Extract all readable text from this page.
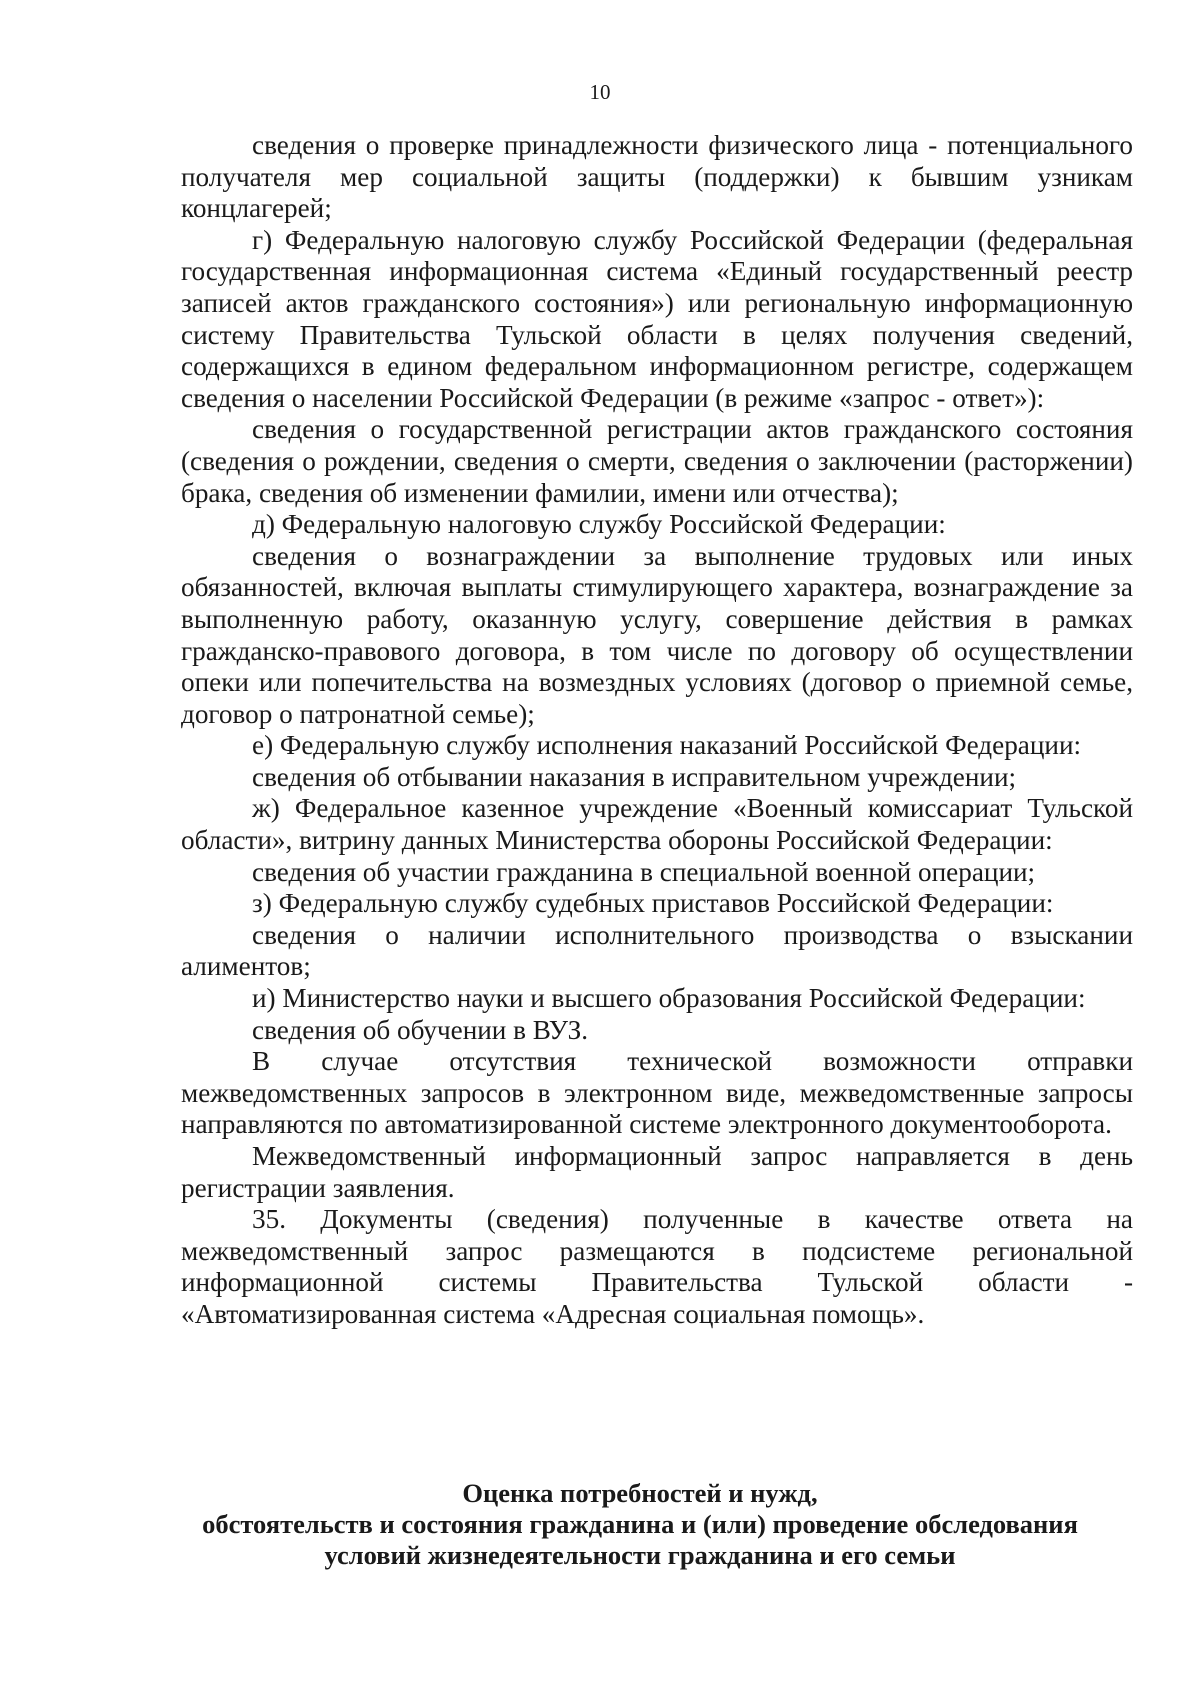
10

сведения о проверке принадлежности физического лица - потенциального получателя мер социальной защиты (поддержки) к бывшим узникам концлагерей;

г) Федеральную налоговую службу Российской Федерации (федеральная государственная информационная система «Единый государственный реестр записей актов гражданского состояния») или региональную информационную систему Правительства Тульской области в целях получения сведений, содержащихся в едином федеральном информационном регистре, содержащем сведения о населении Российской Федерации (в режиме «запрос - ответ»):

сведения о государственной регистрации актов гражданского состояния (сведения о рождении, сведения о смерти, сведения о заключении (расторжении) брака, сведения об изменении фамилии, имени или отчества);

д) Федеральную налоговую службу Российской Федерации:

сведения о вознаграждении за выполнение трудовых или иных обязанностей, включая выплаты стимулирующего характера, вознаграждение за выполненную работу, оказанную услугу, совершение действия в рамках гражданско-правового договора, в том числе по договору об осуществлении опеки или попечительства на возмездных условиях (договор о приемной семье, договор о патронатной семье);

е) Федеральную службу исполнения наказаний Российской Федерации:

сведения об отбывании наказания в исправительном учреждении;

ж) Федеральное казенное учреждение «Военный комиссариат Тульской области», витрину данных Министерства обороны Российской Федерации:

сведения об участии гражданина в специальной военной операции;

з) Федеральную службу судебных приставов Российской Федерации:

сведения о наличии исполнительного производства о взыскании алиментов;

и) Министерство науки и высшего образования Российской Федерации:

сведения об обучении в ВУЗ.

В случае отсутствия технической возможности отправки межведомственных запросов в электронном виде, межведомственные запросы направляются по автоматизированной системе электронного документооборота.

Межведомственный информационный запрос направляется в день регистрации заявления.

35. Документы (сведения) полученные в качестве ответа на межведомственный запрос размещаются в подсистеме региональной информационной системы Правительства Тульской области - «Автоматизированная система «Адресная социальная помощь».

Оценка потребностей и нужд,
обстоятельств и состояния гражданина и (или) проведение обследования
условий жизнедеятельности гражданина и его семьи
